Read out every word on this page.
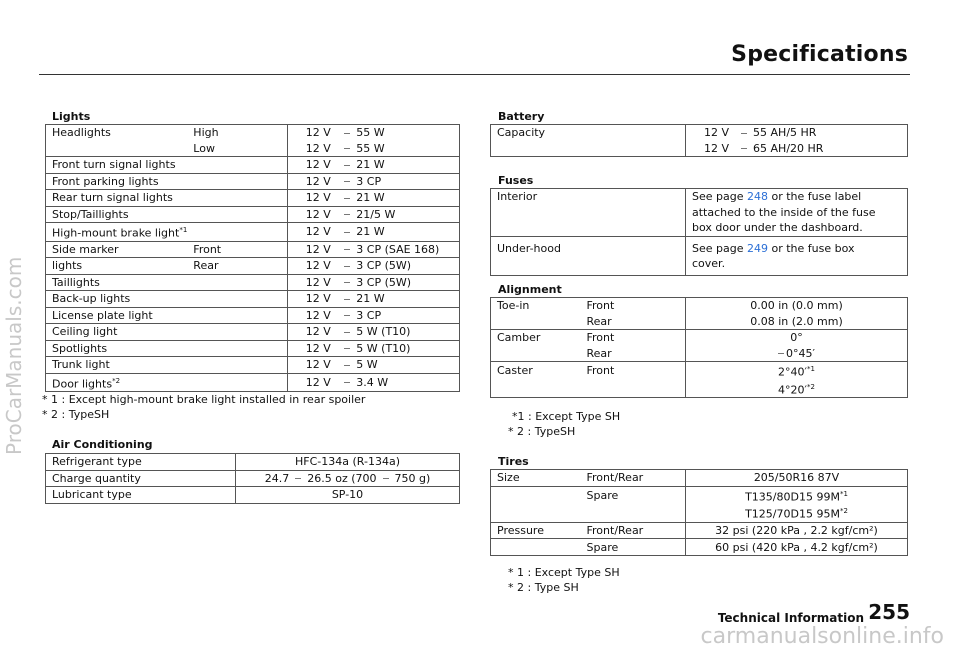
Specifications
Lights
Headlights	High	12 V	55 W
	Low	12 V	55 W
Front turn signal lights		12 V	21 W
Front parking lights		12 V	3 CP
Rear turn signal lights		12 V	21 W
Stop/Taillights		12 V	21/5 W
High-mount brake light$^{*1}$		12 V	21 W
Side marker	Front	12 V	3 CP (SAE 168)
lights	Rear	12 V	3 CP (5W)
Taillights		12 V	3 CP (5W)
Back-up lights		12 V	21 W
License plate light		12 V	3 CP
Ceiling light		12 V	5 W (T10)
Spotlights		12 V	5 W (T10)
Trunk light		12 V	5 W
Door lights$^{*2}$		12 V	3.4 W
* 1 : Except high-mount brake light installed in rear spoiler
* 2 : TypeSH
Air Conditioning
Refrigerant type	HFC-134a (R-134a)
Charge quantity	24.7 26.5 oz (700 750 g)
Lubricant type	SP-10
Battery
Capacity	12 V	55 AH/5 HR
	12 V	65 AH/20 HR
Fuses
Interior	See page 248 or the fuse label
	attached to the inside of the fuse
	box door under the dashboard.
Under-hood	See page 249 or the fuse box
	cover.
Alignment
Toe-in	Front	0.00 in (0.0 mm)
	Rear	0.08 in (2.0 mm)
Camber	Front	0°
	Rear	0°45′
Caster	Front	$2^\circ 40'^{*1}$
		$4^\circ 20'^{*2}$
*1 : Except Type SH
* 2 : TypeSH
Tires
Size	Front/Rear	205/50R16 87V
	Spare	T135/80D15 $99M^{*1}$
		T125/70D15 $95M^{*2}$
Pressure	Front/Rear	32 psi (220 kPa , 2.2 kgf/cm²)
	Spare	60 psi (420 kPa , 4.2 kgf/cm²)
* 1 : Except Type SH
* 2 : Type SH
Technical Information 255
ProCarManuals.com
carmanualsonline.info
